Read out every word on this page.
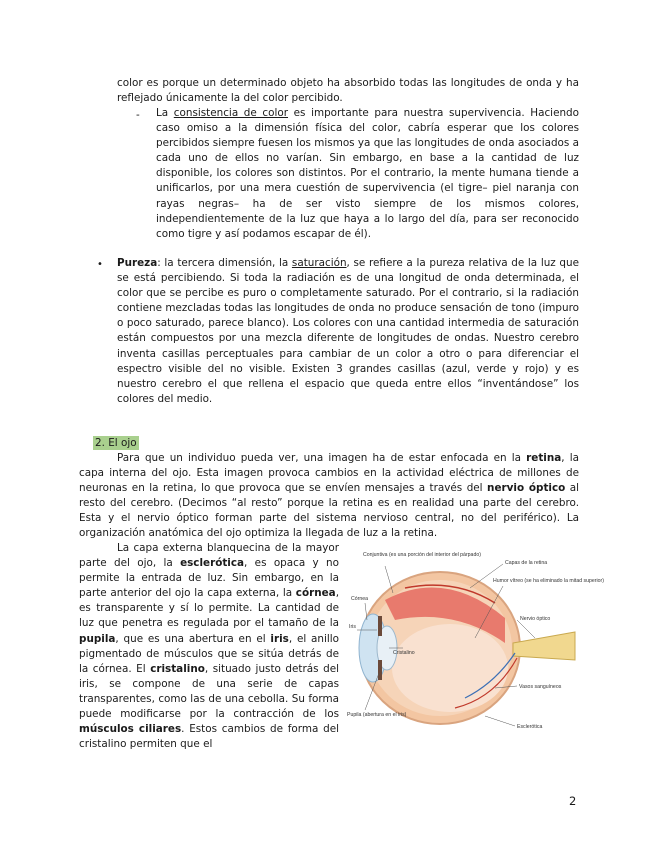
color es porque un determinado objeto ha absorbido todas las longitudes de onda y ha reflejado únicamente la del color percibido.

- La consistencia de color es importante para nuestra supervivencia. Haciendo caso omiso a la dimensión física del color, cabría esperar que los colores percibidos siempre fuesen los mismos ya que las longitudes de onda asociados a cada uno de ellos no varían. Sin embargo, en base a la cantidad de luz disponible, los colores son distintos. Por el contrario, la mente humana tiende a unificarlos, por una mera cuestión de supervivencia (el tigre– piel naranja con rayas negras– ha de ser visto siempre de los mismos colores, independientemente de la luz que haya a lo largo del día, para ser reconocido como tigre y así podamos escapar de él).

• Pureza: la tercera dimensión, la saturación, se refiere a la pureza relativa de la luz que se está percibiendo. Si toda la radiación es de una longitud de onda determinada, el color que se percibe es puro o completamente saturado. Por el contrario, si la radiación contiene mezcladas todas las longitudes de onda no produce sensación de tono (impuro o poco saturado, parece blanco). Los colores con una cantidad intermedia de saturación están compuestos por una mezcla diferente de longitudes de ondas. Nuestro cerebro inventa casillas perceptuales para cambiar de un color a otro o para diferenciar el espectro visible del no visible. Existen 3 grandes casillas (azul, verde y rojo) y es nuestro cerebro el que rellena el espacio que queda entre ellos “inventándose” los colores del medio.

2. El ojo

Para que un individuo pueda ver, una imagen ha de estar enfocada en la retina, la capa interna del ojo. Esta imagen provoca cambios en la actividad eléctrica de millones de neuronas en la retina, lo que provoca que se envíen mensajes a través del nervio óptico al resto del cerebro. (Decimos “al resto” porque la retina es en realidad una parte del cerebro. Esta y el nervio óptico forman parte del sistema nervioso central, no del periférico). La organización anatómica del ojo optimiza la llegada de luz a la retina.

La capa externa blanquecina de la mayor parte del ojo, la esclerótica, es opaca y no permite la entrada de luz. Sin embargo, en la parte anterior del ojo la capa externa, la córnea, es transparente y sí lo permite. La cantidad de luz que penetra es regulada por el tamaño de la pupila, que es una abertura en el iris, el anillo pigmentado de músculos que se sitúa detrás de la córnea. El cristalino, situado justo detrás del iris, se compone de una serie de capas transparentes, como las de una cebolla. Su forma puede modificarse por la contracción de los músculos ciliares. Estos cambios de forma del cristalino permiten que el

Conjuntiva (es una porción del interior del párpado)
Córnea
Iris
Cristalino
Pupila (abertura en el iris)
Capas de la retina
Humor vítreo (se ha eliminado la mitad superior)
Nervio óptico
Vasos sanguíneos
Esclerótica
2
